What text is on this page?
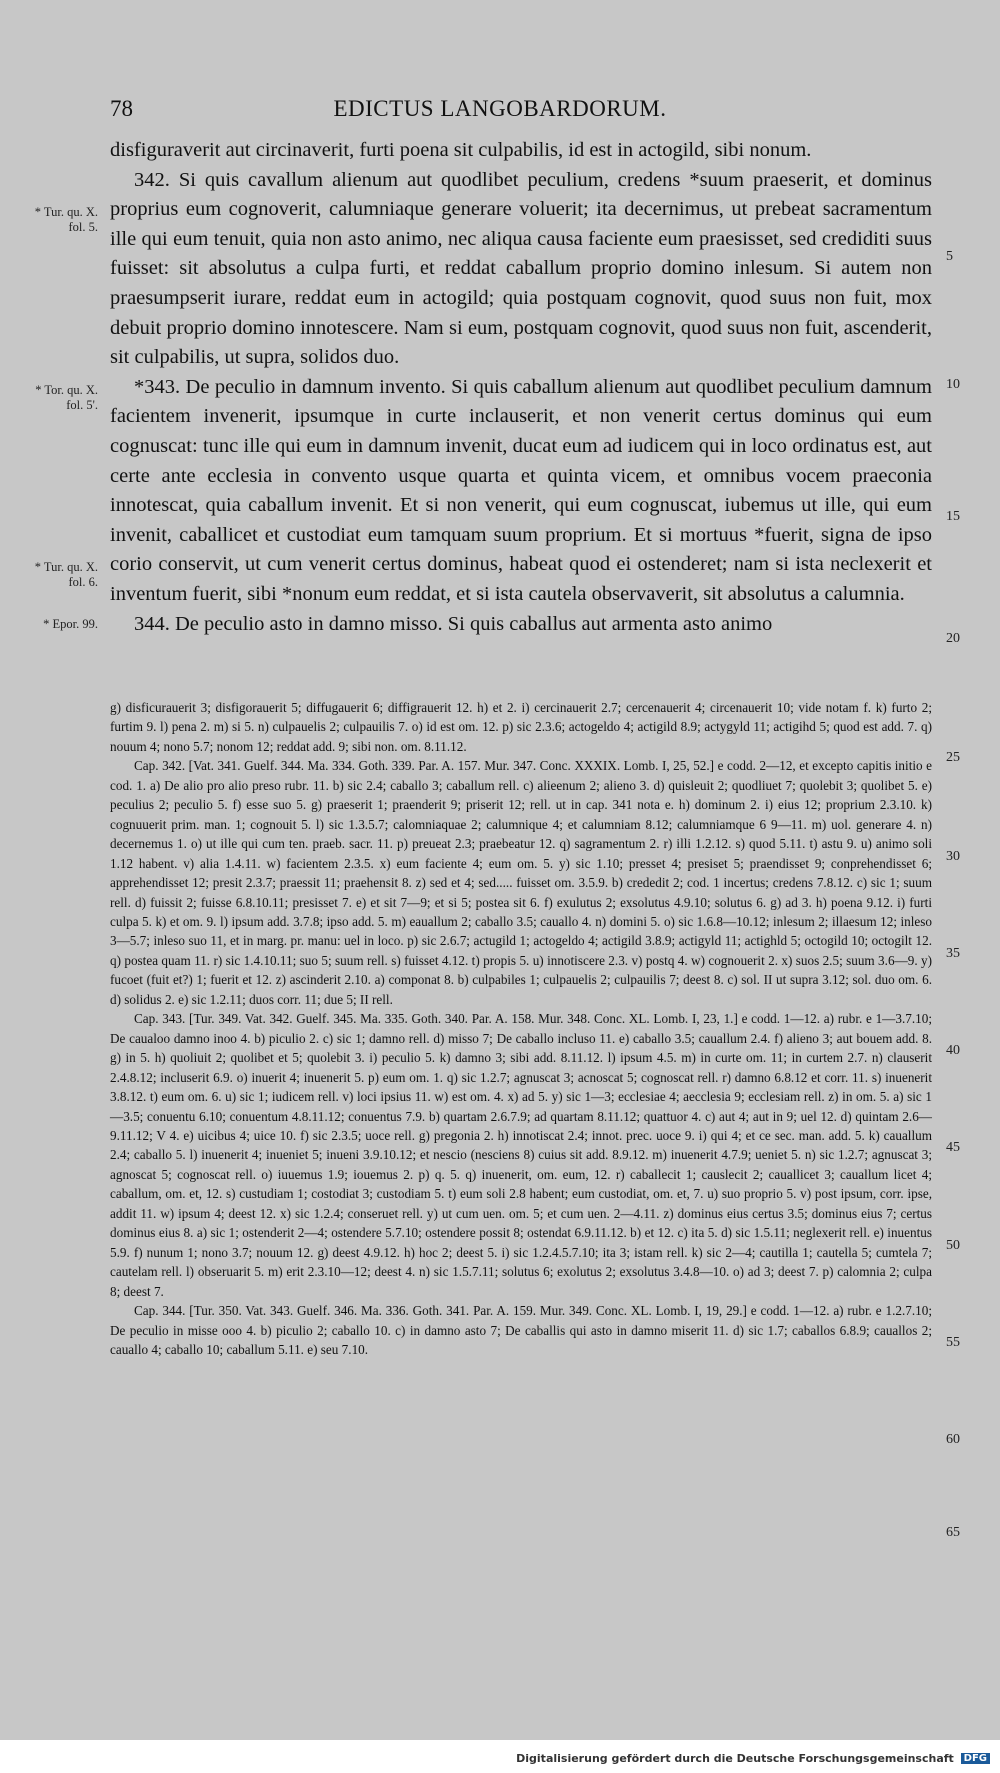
78	EDICTUS LANGOBARDORUM.
* Tur. qu. X. fol. 5.
* Tor. qu. X. fol. 5'.
* Tur. qu. X. fol. 6.
* Epor. 99.

disfiguraverit aut circinaverit, furti poena sit culpabilis, id est in actogild, sibi nonum.

342. Si quis cavallum alienum aut quodlibet peculium, credens *suum praeserit, et dominus proprius eum cognoverit, calumniaque generare voluerit; ita decernimus, ut prebeat sacramentum ille qui eum tenuit, quia non asto animo, nec aliqua causa faciente eum praesisset, sed crediditi suus fuisset: sit absolutus a culpa furti, et reddat caballum proprio domino inlesum. Si autem non praesumpserit iurare, reddat eum in actogild; quia postquam cognovit, quod suus non fuit, mox debuit proprio domino innotescere. Nam si eum, postquam cognovit, quod suus non fuit, ascenderit, sit culpabilis, ut supra, solidos duo.

*343. De peculio in damnum invento. Si quis caballum alienum aut quodlibet peculium damnum facientem invenerit, ipsumque in curte inclauserit, et non venerit certus dominus qui eum cognuscat: tunc ille qui eum in damnum invenit, ducat eum ad iudicem qui in loco ordinatus est, aut certe ante ecclesia in convento usque quarta et quinta vicem, et omnibus vocem praeconia innotescat, quia caballum invenit. Et si non venerit, qui eum cognuscat, iubemus ut ille, qui eum invenit, caballicet et custodiat eum tamquam suum proprium. Et si mortuus *fuerit, signa de ipso corio conservit, ut cum venerit certus dominus, habeat quod ei ostenderet; nam si ista neclexerit et inventum fuerit, sibi *nonum eum reddat, et si ista cautela observaverit, sit absolutus a calumnia.

344. De peculio asto in damno misso. Si quis caballus aut armenta asto animo

g) disficurauerit 3; disfigorauerit 5; diffugauerit 6; diffigrauerit 12. h) et 2. i) cercinauerit 2.7; cercenauerit 4; circenauerit 10; vide notam f. k) furto 2; furtim 9. l) pena 2. m) si 5. n) culpauelis 2; culpauilis 7. o) id est om. 12. p) sic 2.3.6; actogeldo 4; actigild 8.9; actygyld 11; actigihd 5; quod est add. 7. q) nouum 4; nono 5.7; nonom 12; reddat add. 9; sibi non. om. 8.11.12.

Cap. 342. [Vat. 341. Guelf. 344. Ma. 334. Goth. 339. Par. A. 157. Mur. 347. Conc. XXXIX. Lomb. I, 25, 52.] e codd. 2—12, et excepto capitis initio e cod. 1. a) De alio pro alio preso rubr. 11. b) sic 2.4; caballo 3; caballum rell. c) alieenum 2; alieno 3. d) quisleuit 2; quodliuet 7; quolebit 3; quolibet 5. e) peculius 2; peculio 5. f) esse suo 5. g) praeserit 1; praenderit 9; priserit 12; rell. ut in cap. 341 nota e. h) dominum 2. i) eius 12; proprium 2.3.10. k) cognuuerit prim. man. 1; cognouit 5. l) sic 1.3.5.7; calomniaquae 2; calumnique 4; et calumniam 8.12; calumniamque 6 9—11. m) uol. generare 4. n) decernemus 1. o) ut ille qui cum ten. praeb. sacr. 11. p) preueat 2.3; praebeatur 12. q) sagramentum 2. r) illi 1.2.12. s) quod 5.11. t) astu 9. u) animo soli 1.12 habent. v) alia 1.4.11. w) facientem 2.3.5. x) eum faciente 4; eum om. 5. y) sic 1.10; presset 4; presiset 5; praendisset 9; conprehendisset 6; apprehendisset 12; presit 2.3.7; praessit 11; praehensit 8. z) sed et 4; sed..... fuisset om. 3.5.9. b) crededit 2; cod. 1 incertus; credens 7.8.12. c) sic 1; suum rell. d) fuissit 2; fuisse 6.8.10.11; presisset 7. e) et sit 7—9; et si 5; postea sit 6. f) exulutus 2; exsolutus 4.9.10; solutus 6. g) ad 3. h) poena 9.12. i) furti culpa 5. k) et om. 9. l) ipsum add. 3.7.8; ipso add. 5. m) eauallum 2; caballo 3.5; cauallo 4. n) domini 5. o) sic 1.6.8—10.12; inlesum 2; illaesum 12; inleso 3—5.7; inleso suo 11, et in marg. pr. manu: uel in loco. p) sic 2.6.7; actugild 1; actogeldo 4; actigild 3.8.9; actigyld 11; actighld 5; octogild 10; octogilt 12. q) postea quam 11. r) sic 1.4.10.11; suo 5; suum rell. s) fuisset 4.12. t) propis 5. u) innotiscere 2.3. v) postq 4. w) cognouerit 2. x) suos 2.5; suum 3.6—9. y) fucoet (fuit et?) 1; fuerit et 12. z) ascinderit 2.10. a) componat 8. b) culpabiles 1; culpauelis 2; culpauilis 7; deest 8. c) sol. II ut supra 3.12; sol. duo om. 6. d) solidus 2. e) sic 1.2.11; duos corr. 11; due 5; II rell.

Cap. 343. [Tur. 349. Vat. 342. Guelf. 345. Ma. 335. Goth. 340. Par. A. 158. Mur. 348. Conc. XL. Lomb. I, 23, 1.] e codd. 1—12. a) rubr. e 1—3.7.10; De caualoo damno inoo 4. b) piculio 2. c) sic 1; damno rell. d) misso 7; De caballo incluso 11. e) caballo 3.5; cauallum 2.4. f) alieno 3; aut bouem add. 8. g) in 5. h) quoliuit 2; quolibet et 5; quolebit 3. i) peculio 5. k) damno 3; sibi add. 8.11.12. l) ipsum 4.5. m) in curte om. 11; in curtem 2.7. n) clauserit 2.4.8.12; incluserit 6.9. o) inuerit 4; inuenerit 5. p) eum om. 1. q) sic 1.2.7; agnuscat 3; acnoscat 5; cognoscat rell. r) damno 6.8.12 et corr. 11. s) inuenerit 3.8.12. t) eum om. 6. u) sic 1; iudicem rell. v) loci ipsius 11. w) est om. 4. x) ad 5. y) sic 1—3; ecclesiae 4; aecclesia 9; ecclesiam rell. z) in om. 5. a) sic 1—3.5; conuentu 6.10; conuentum 4.8.11.12; conuentus 7.9. b) quartam 2.6.7.9; ad quartam 8.11.12; quattuor 4. c) aut 4; aut in 9; uel 12. d) quintam 2.6—9.11.12; V 4. e) uicibus 4; uice 10. f) sic 2.3.5; uoce rell. g) pregonia 2. h) innotiscat 2.4; innot. prec. uoce 9. i) qui 4; et ce sec. man. add. 5. k) cauallum 2.4; caballo 5. l) inuenerit 4; inueniet 5; inueni 3.9.10.12; et nescio (nesciens 8) cuius sit add. 8.9.12. m) inuenerit 4.7.9; ueniet 5. n) sic 1.2.7; agnuscat 3; agnoscat 5; cognoscat rell. o) iuuemus 1.9; iouemus 2. p) q. 5. q) inuenerit, om. eum, 12. r) caballecit 1; causlecit 2; cauallicet 3; cauallum licet 4; caballum, om. et, 12. s) custudiam 1; costodiat 3; custodiam 5. t) eum soli 2.8 habent; eum custodiat, om. et, 7. u) suo proprio 5. v) post ipsum, corr. ipse, addit 11. w) ipsum 4; deest 12. x) sic 1.2.4; conseruet rell. y) ut cum uen. om. 5; et cum uen. 2—4.11. z) dominus eius certus 3.5; dominus eius 7; certus dominus eius 8. a) sic 1; ostenderit 2—4; ostendere 5.7.10; ostendere possit 8; ostendat 6.9.11.12. b) et 12. c) ita 5. d) sic 1.5.11; neglexerit rell. e) inuentus 5.9. f) nunum 1; nono 3.7; nouum 12. g) deest 4.9.12. h) hoc 2; deest 5. i) sic 1.2.4.5.7.10; ita 3; istam rell. k) sic 2—4; cautilla 1; cautella 5; cumtela 7; cautelam rell. l) obseruarit 5. m) erit 2.3.10—12; deest 4. n) sic 1.5.7.11; solutus 6; exolutus 2; exsolutus 3.4.8—10. o) ad 3; deest 7. p) calomnia 2; culpa 8; deest 7.

Cap. 344. [Tur. 350. Vat. 343. Guelf. 346. Ma. 336. Goth. 341. Par. A. 159. Mur. 349. Conc. XL. Lomb. I, 19, 29.] e codd. 1—12. a) rubr. e 1.2.7.10; De peculio in misse ooo 4. b) piculio 2; caballo 10. c) in damno asto 7; De caballis qui asto in damno miserit 11. d) sic 1.7; caballos 6.8.9; cauallos 2; cauallo 4; caballo 10; caballum 5.11. e) seu 7.10.

5
10
15
20
25
30
35
40
45
50
55
60
65
Digitalisierung gefördert durch die Deutsche Forschungsgemeinschaft DFG
